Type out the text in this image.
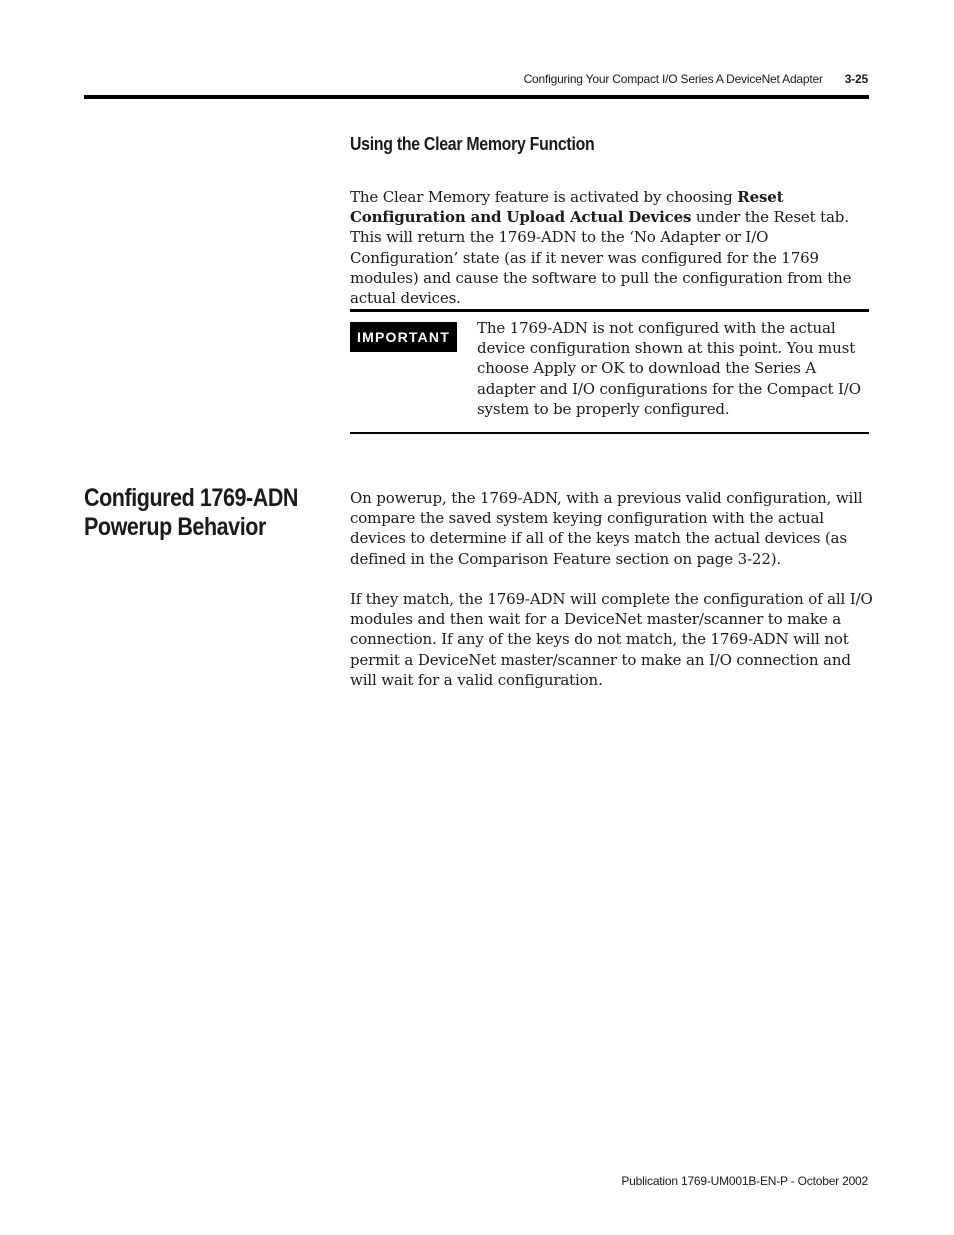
Configuring Your Compact I/O Series A DeviceNet Adapter 3-25
Using the Clear Memory Function

The Clear Memory feature is activated by choosing Reset Configuration and Upload Actual Devices under the Reset tab. This will return the 1769-ADN to the ‘No Adapter or I/O Configuration’ state (as if it never was configured for the 1769 modules) and cause the software to pull the configuration from the actual devices.

IMPORTANT	The 1769-ADN is not configured with the actual device configuration shown at this point. You must choose Apply or OK to download the Series A adapter and I/O configurations for the Compact I/O system to be properly configured.

Configured 1769-ADN Powerup Behavior

On powerup, the 1769-ADN, with a previous valid configuration, will compare the saved system keying configuration with the actual devices to determine if all of the keys match the actual devices (as defined in the Comparison Feature section on page 3-22).

If they match, the 1769-ADN will complete the configuration of all I/O modules and then wait for a DeviceNet master/scanner to make a connection. If any of the keys do not match, the 1769-ADN will not permit a DeviceNet master/scanner to make an I/O connection and will wait for a valid configuration.

Publication 1769-UM001B-EN-P - October 2002
